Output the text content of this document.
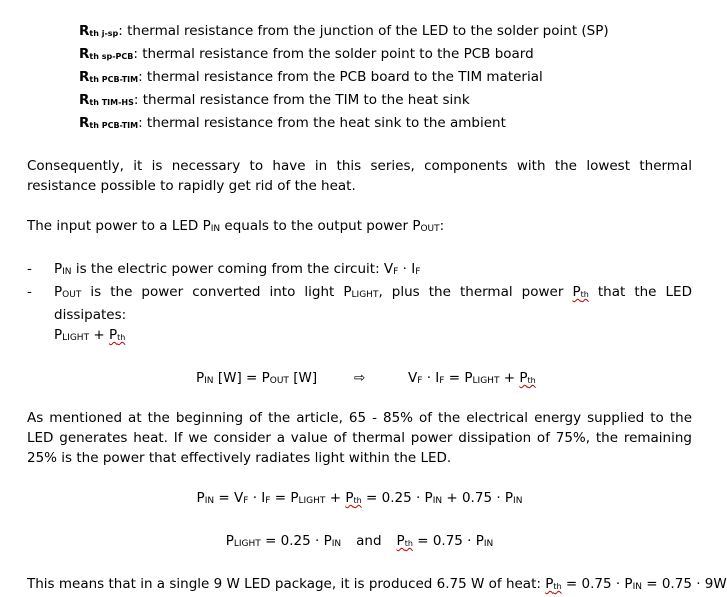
Rth j-sp: thermal resistance from the junction of the LED to the solder point (SP)
Rth sp-PCB: thermal resistance from the solder point to the PCB board
Rth PCB-TIM: thermal resistance from the PCB board to the TIM material
Rth TIM-HS: thermal resistance from the TIM to the heat sink
Rth PCB-TIM: thermal resistance from the heat sink to the ambient

Consequently, it is necessary to have in this series, components with the lowest thermal resistance possible to rapidly get rid of the heat.

The input power to a LED PIN equals to the output power POUT:

-	PIN is the electric power coming from the circuit: VF · IF
-	POUT is the power converted into light PLIGHT, plus the thermal power Pth that the LED dissipates:
PLIGHT + Pth
PIN [W] = POUT [W]	⇨	VF · IF = PLIGHT + Pth

As mentioned at the beginning of the article, 65 - 85% of the electrical energy supplied to the LED generates heat. If we consider a value of thermal power dissipation of 75%, the remaining 25% is the power that effectively radiates light within the LED.

PIN = VF · IF = PLIGHT + Pth = 0.25 · PIN + 0.75 · PIN
PLIGHT = 0.25 · PIN and Pth = 0.75 · PIN
This means that in a single 9 W LED package, it is produced 6.75 W of heat: Pth = 0.75 · PIN = 0.75 · 9W
